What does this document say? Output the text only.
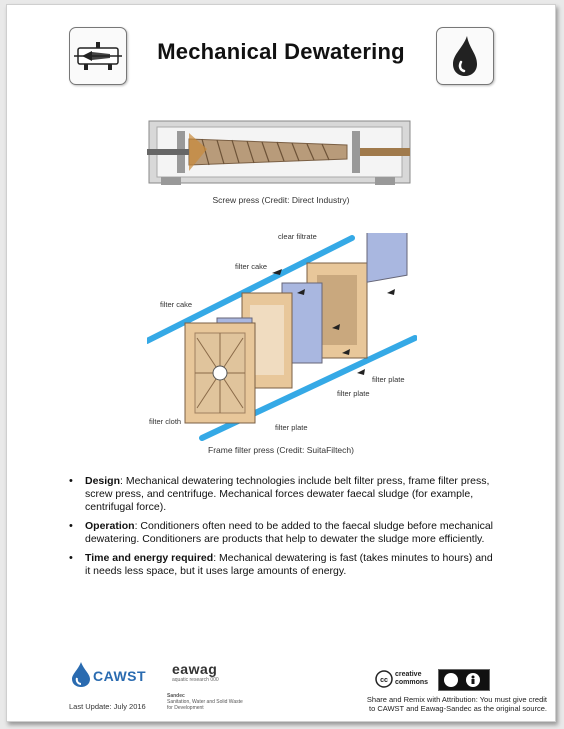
Mechanical Dewatering
Screw press (Credit: Direct Industry)
clear filtrate
filter cake
filter cake
filter plate
filter plate
filter plate
filter cloth
Frame filter press (Credit: SuitaFiltech)
• Design: Mechanical dewatering technologies include belt filter press, frame filter press, screw press, and centrifuge. Mechanical forces dewater faecal sludge (for example, centrifugal force).
• Operation: Conditioners often need to be added to the faecal sludge before mechanical dewatering. Conditioners are products that help to dewater the sludge more efficiently.
• Time and energy required: Mechanical dewatering is fast (takes minutes to hours) and it needs less space, but it uses large amounts of energy.
CAWST eawag
aquatic research 000
Sandec
Sanitation, Water and Solid Waste for Development
Last Update: July 2016
cc
creative commons
Share and Remix with Attribution: You must give credit
to CAWST and Eawag-Sandec as the original source.
